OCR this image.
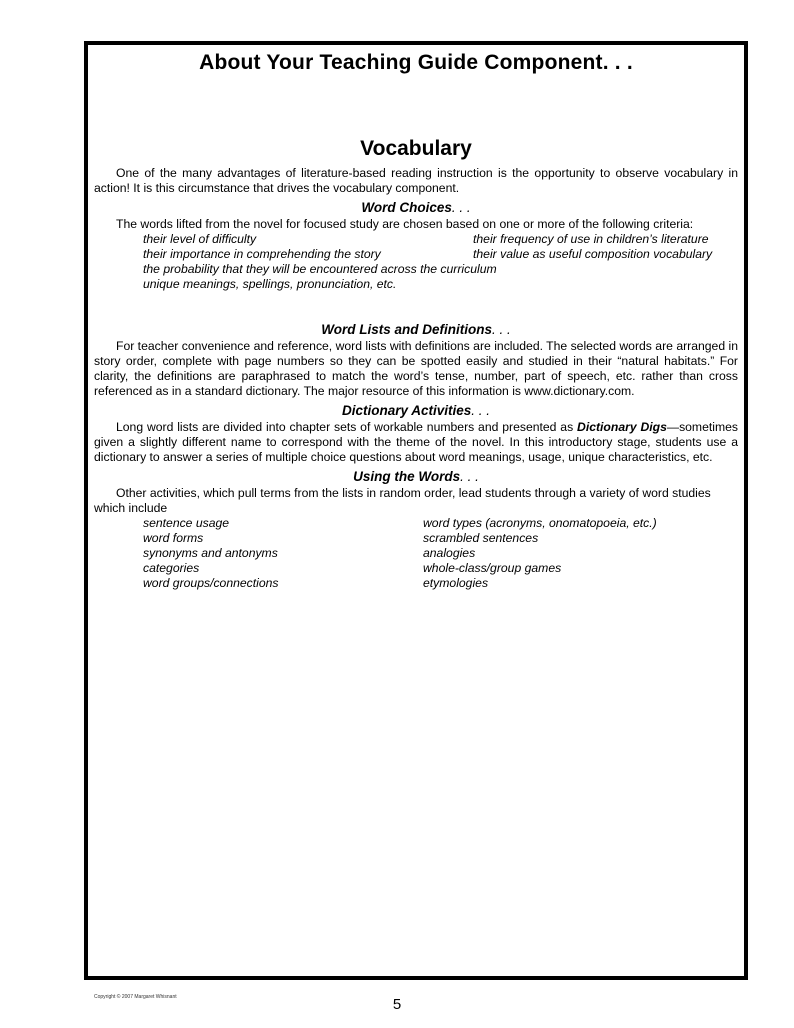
About Your Teaching Guide Component. . .
Vocabulary

One of the many advantages of literature-based reading instruction is the opportunity to observe vocabulary in action! It is this circumstance that drives the vocabulary component.

Word Choices. . .

The words lifted from the novel for focused study are chosen based on one or more of the following criteria:

their level of difficulty	their frequency of use in children’s literature
their importance in comprehending the story	their value as useful composition vocabulary
the probability that they will be encountered across the curriculum
unique meanings, spellings, pronunciation, etc.
Word Lists and Definitions. . .

For teacher convenience and reference, word lists with definitions are included. The selected words are arranged in story order, complete with page numbers so they can be spotted easily and studied in their “natural habitats.” For clarity, the definitions are paraphrased to match the word’s tense, number, part of speech, etc. rather than cross referenced as in a standard dictionary. The major resource of this information is www.dictionary.com.

Dictionary Activities. . .

Long word lists are divided into chapter sets of workable numbers and presented as Dictionary Digs—sometimes given a slightly different name to correspond with the theme of the novel. In this introductory stage, students use a dictionary to answer a series of multiple choice questions about word meanings, usage, unique characteristics, etc.

Using the Words. . .

Other activities, which pull terms from the lists in random order, lead students through a variety of word studies which include

sentence usage	word types (acronyms, onomatopoeia, etc.)
word forms	scrambled sentences
synonyms and antonyms	analogies
categories	whole-class/group games
word groups/connections	etymologies
Copyright © 2007 Margaret Whisnant	5
